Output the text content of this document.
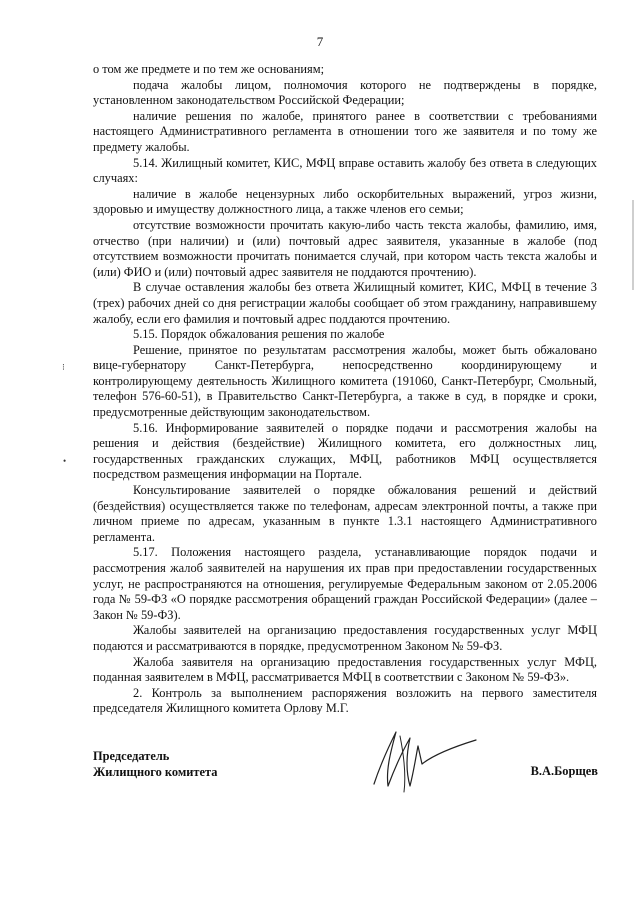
7

о том же предмете и по тем же основаниям;

подача жалобы лицом, полномочия которого не подтверждены в порядке, установленном законодательством Российской Федерации;

наличие решения по жалобе, принятого ранее в соответствии с требованиями настоящего Административного регламента в отношении того же заявителя и по тому же предмету жалобы.

5.14. Жилищный комитет, КИС, МФЦ вправе оставить жалобу без ответа в следующих случаях:

наличие в жалобе нецензурных либо оскорбительных выражений, угроз жизни, здоровью и имуществу должностного лица, а также членов его семьи;

отсутствие возможности прочитать какую-либо часть текста жалобы, фамилию, имя, отчество (при наличии) и (или) почтовый адрес заявителя, указанные в жалобе (под отсутствием возможности прочитать понимается случай, при котором часть текста жалобы и (или) ФИО и (или) почтовый адрес заявителя не поддаются прочтению).

В случае оставления жалобы без ответа Жилищный комитет, КИС, МФЦ в течение 3 (трех) рабочих дней со дня регистрации жалобы сообщает об этом гражданину, направившему жалобу, если его фамилия и почтовый адрес поддаются прочтению.

5.15. Порядок обжалования решения по жалобе

Решение, принятое по результатам рассмотрения жалобы, может быть обжаловано вице-губернатору Санкт-Петербурга, непосредственно координирующему и контролирующему деятельность Жилищного комитета (191060, Санкт-Петербург, Смольный, телефон 576-60-51), в Правительство Санкт-Петербурга, а также в суд, в порядке и сроки, предусмотренные действующим законодательством.

5.16. Информирование заявителей о порядке подачи и рассмотрения жалобы на решения и действия (бездействие) Жилищного комитета, его должностных лиц, государственных гражданских служащих, МФЦ, работников МФЦ осуществляется посредством размещения информации на Портале.

Консультирование заявителей о порядке обжалования решений и действий (бездействия) осуществляется также по телефонам, адресам электронной почты, а также при личном приеме по адресам, указанным в пункте 1.3.1 настоящего Административного регламента.

5.17. Положения настоящего раздела, устанавливающие порядок подачи и рассмотрения жалоб заявителей на нарушения их прав при предоставлении государственных услуг, не распространяются на отношения, регулируемые Федеральным законом от 2.05.2006 года № 59-ФЗ «О порядке рассмотрения обращений граждан Российской Федерации» (далее – Закон № 59-ФЗ).

Жалобы заявителей на организацию предоставления государственных услуг МФЦ подаются и рассматриваются в порядке, предусмотренном Законом № 59-ФЗ.

Жалоба заявителя на организацию предоставления государственных услуг МФЦ, поданная заявителем в МФЦ, рассматривается МФЦ в соответствии с Законом № 59-ФЗ».

2. Контроль за выполнением распоряжения возложить на первого заместителя председателя Жилищного комитета Орлову М.Г.

Председатель
Жилищного комитета	В.А.Борщев
⁝
•
